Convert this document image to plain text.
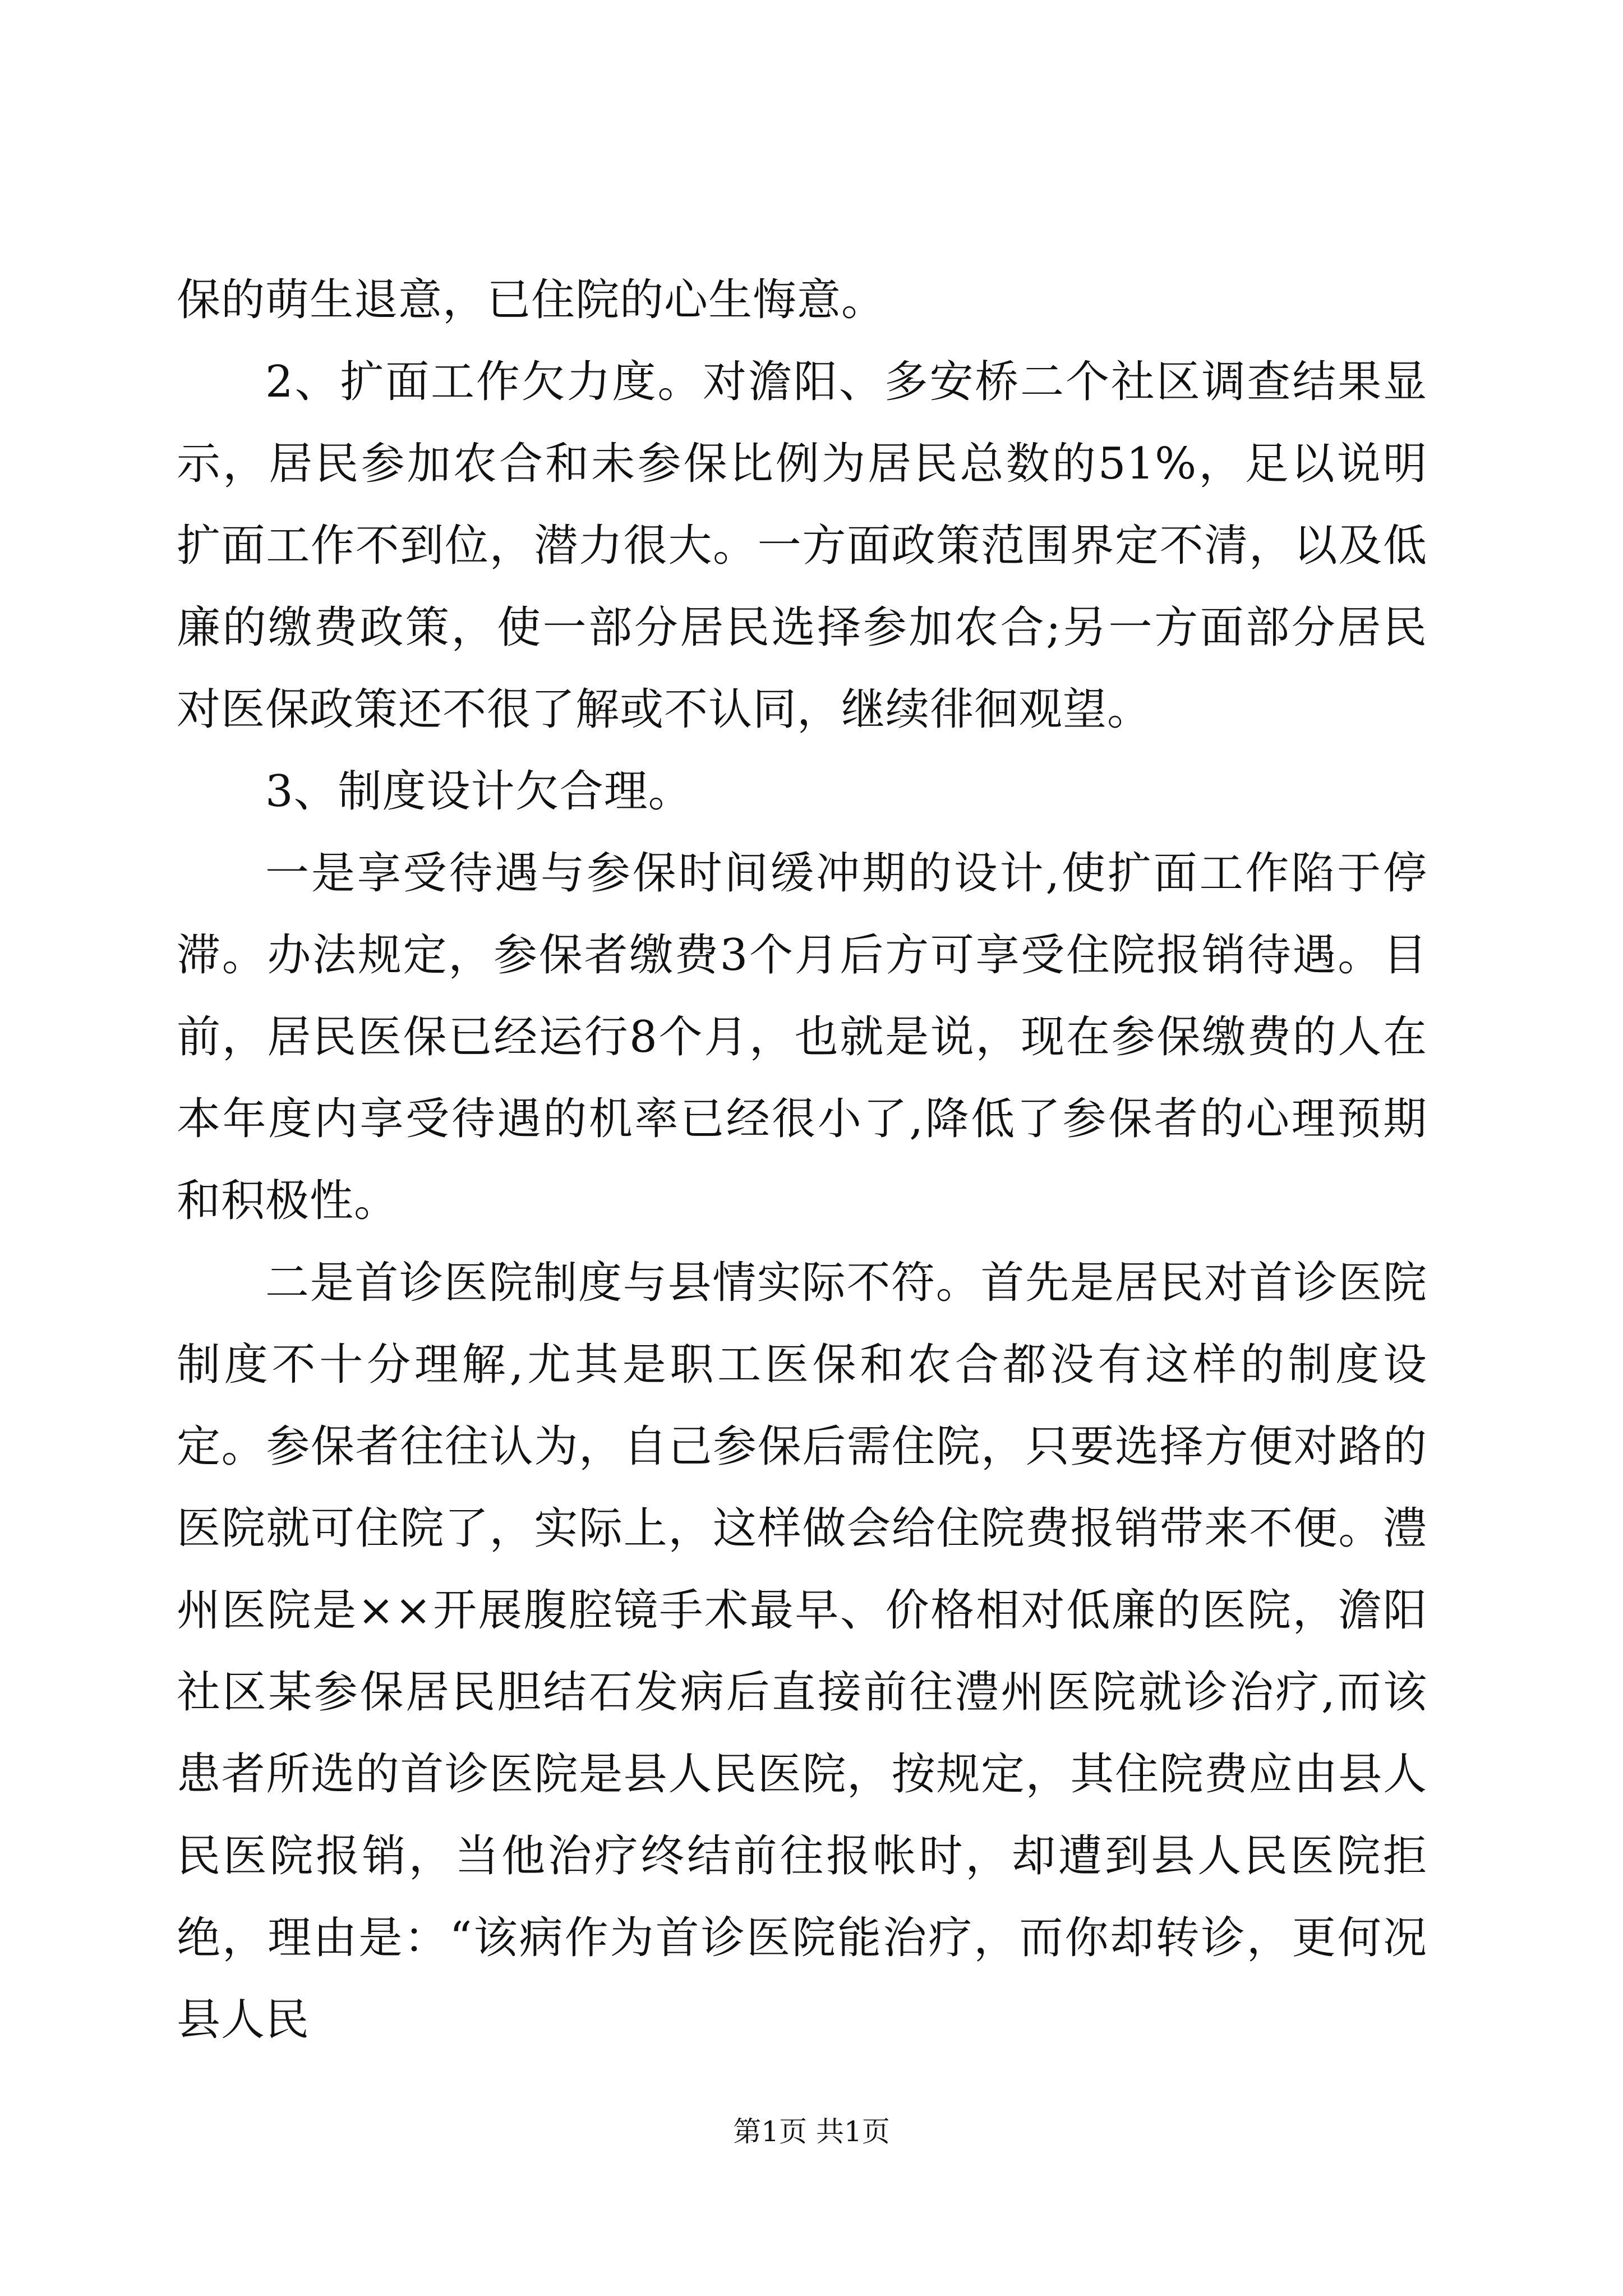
保的萌生退意，已住院的心生悔意。

2、扩面工作欠力度。对澹阳、多安桥二个社区调查结果显示，居民参加农合和未参保比例为居民总数的51%，足以说明扩面工作不到位，潜力很大。一方面政策范围界定不清，以及低廉的缴费政策，使一部分居民选择参加农合;另一方面部分居民对医保政策还不很了解或不认同，继续徘徊观望。

3、制度设计欠合理。

一是享受待遇与参保时间缓冲期的设计,使扩面工作陷于停滞。办法规定，参保者缴费3个月后方可享受住院报销待遇。目前，居民医保已经运行8个月，也就是说，现在参保缴费的人在本年度内享受待遇的机率已经很小了,降低了参保者的心理预期和积极性。

二是首诊医院制度与县情实际不符。首先是居民对首诊医院制度不十分理解,尤其是职工医保和农合都没有这样的制度设定。参保者往往认为，自己参保后需住院，只要选择方便对路的医院就可住院了，实际上，这样做会给住院费报销带来不便。澧州医院是××开展腹腔镜手术最早、价格相对低廉的医院，澹阳社区某参保居民胆结石发病后直接前往澧州医院就诊治疗,而该患者所选的首诊医院是县人民医院，按规定，其住院费应由县人民医院报销，当他治疗终结前往报帐时，却遭到县人民医院拒绝，理由是：“该病作为首诊医院能治疗，而你却转诊，更何况县人民

第1页 共1页
